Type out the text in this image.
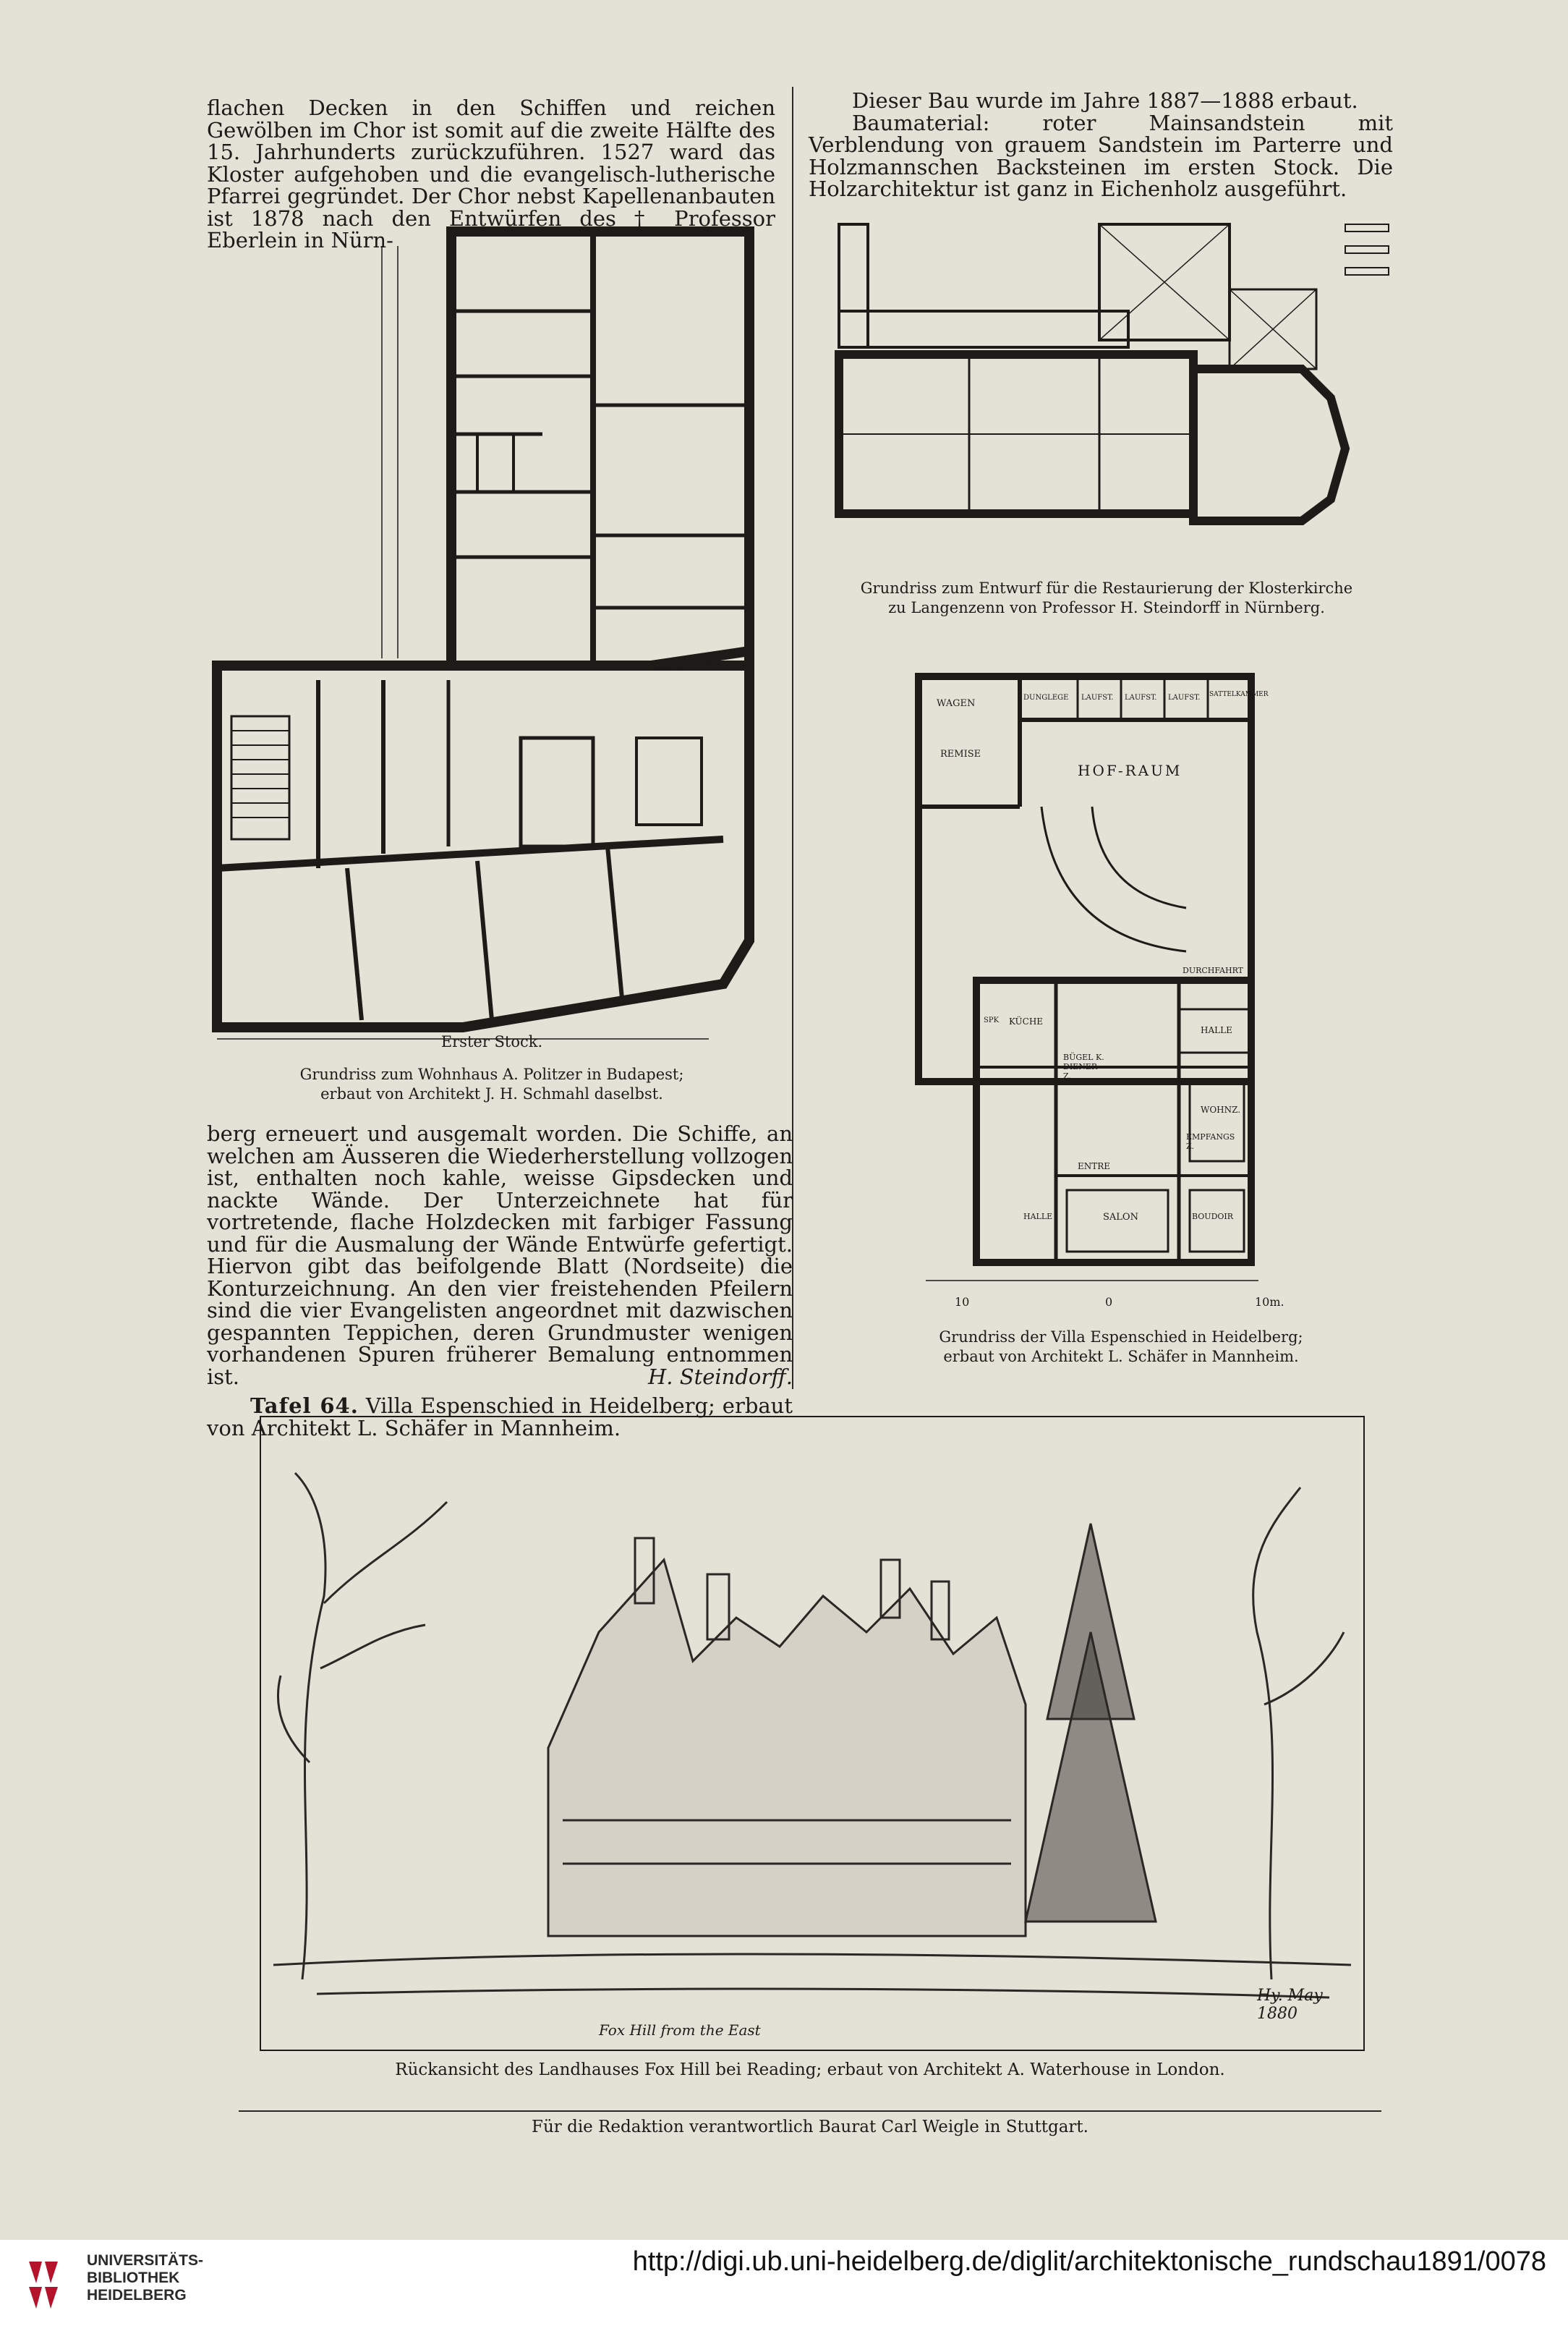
flachen Decken in den Schiffen und reichen Gewölben im Chor ist somit auf die zweite Hälfte des 15. Jahrhunderts zurückzuführen. 1527 ward das Kloster aufgehoben und die evangelisch-lutherische Pfarrei gegründet. Der Chor nebst Kapellenanbauten ist 1878 nach den Entwürfen des † Professor Eberlein in Nürn-

Erster Stock.
Grundriss zum Wohnhaus A. Politzer in Budapest;
erbaut von Architekt J. H. Schmahl daselbst.

berg erneuert und ausgemalt worden. Die Schiffe, an welchen am Äusseren die Wiederherstellung vollzogen ist, enthalten noch kahle, weisse Gipsdecken und nackte Wände. Der Unterzeichnete hat für vortretende, flache Holzdecken mit farbiger Fassung und für die Ausmalung der Wände Entwürfe gefertigt. Hiervon gibt das beifolgende Blatt (Nordseite) die Konturzeichnung. An den vier freistehenden Pfeilern sind die vier Evangelisten angeordnet mit dazwischen gespannten Teppichen, deren Grundmuster wenigen vorhandenen Spuren früherer Bemalung entnommen ist.	H. Steindorff.

Tafel 64. Villa Espenschied in Heidelberg; erbaut von Architekt L. Schäfer in Mannheim.

Dieser Bau wurde im Jahre 1887—1888 erbaut.

Baumaterial: roter Mainsandstein mit Verblendung von grauem Sandstein im Parterre und Holzmannschen Backsteinen im ersten Stock. Die Holzarchitektur ist ganz in Eichenholz ausgeführt.

Grundriss zum Entwurf für die Restaurierung der Klosterkirche
zu Langenzenn von Professor H. Steindorff in Nürnberg.
WAGEN
REMISE
DUNGLEGE LAUFST. LAUFST. LAUFST. SATTELKAMMER
HOF-RAUM
DURCHFAHRT
HALLE
SPK KÜCHE
BÜGEL K. DIENER Z.
WOHNZ.
EMPFANGS Z.
ENTRE
SALON	BOUDOIR
HALLE
10	0	10m.
Grundriss der Villa Espenschied in Heidelberg;
erbaut von Architekt L. Schäfer in Mannheim.
Fox Hill from the East
Hy. May 1880
Rückansicht des Landhauses Fox Hill bei Reading; erbaut von Architekt A. Waterhouse in London.
Für die Redaktion verantwortlich Baurat Carl Weigle in Stuttgart.
UNIVERSITÄTS-
BIBLIOTHEK
HEIDELBERG
http://digi.ub.uni-heidelberg.de/diglit/architektonische_rundschau1891/0078
